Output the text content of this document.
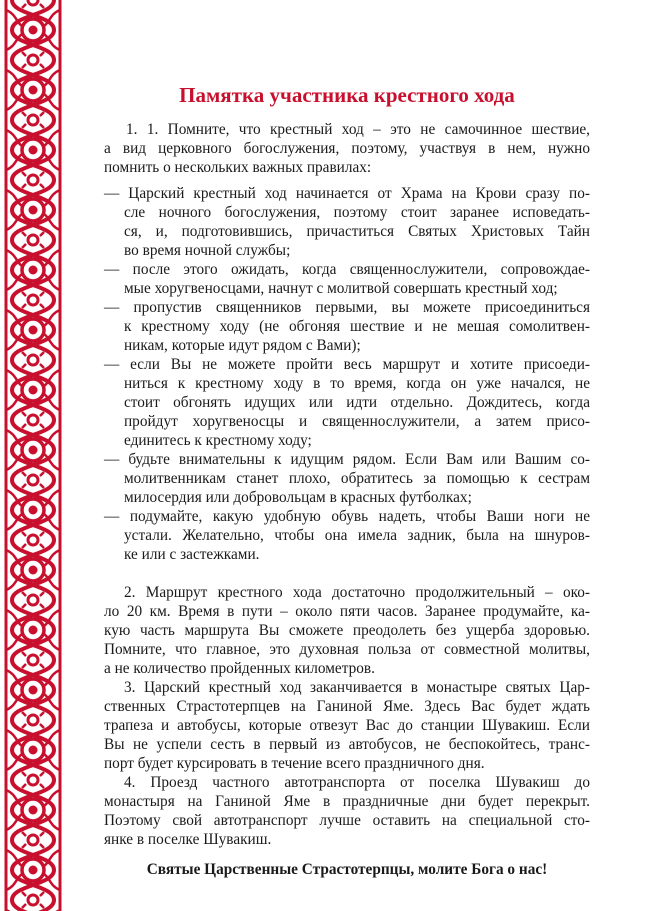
Памятка участника крестного хода
1. 1. Помните, что крестный ход – это не самочинное шествие,
а вид церковного богослужения, поэтому, участвуя в нем, нужно
помнить о нескольких важных правилах:
— Царский крестный ход начинается от Храма на Крови сразу по-
сле ночного богослужения, поэтому стоит заранее исповедать-
ся, и, подготовившись, причаститься Святых Христовых Тайн
во время ночной службы;
— после этого ожидать, когда священнослужители, сопровождае-
мые хоругвеносцами, начнут с молитвой совершать крестный ход;
— пропустив священников первыми, вы можете присоединиться
к крестному ходу (не обгоняя шествие и не мешая сомолитвен-
никам, которые идут рядом с Вами);
— если Вы не можете пройти весь маршрут и хотите присоеди-
ниться к крестному ходу в то время, когда он уже начался, не
стоит обгонять идущих или идти отдельно. Дождитесь, когда
пройдут хоругвеносцы и священнослужители, а затем присо-
единитесь к крестному ходу;
— будьте внимательны к идущим рядом. Если Вам или Вашим со-
молитвенникам станет плохо, обратитесь за помощью к сестрам
милосердия или добровольцам в красных футболках;
— подумайте, какую удобную обувь надеть, чтобы Ваши ноги не
устали. Желательно, чтобы она имела задник, была на шнуров-
ке или с застежками.
2. Маршрут крестного хода достаточно продолжительный – око-
ло 20 км. Время в пути – около пяти часов. Заранее продумайте, ка-
кую часть маршрута Вы сможете преодолеть без ущерба здоровью.
Помните, что главное, это духовная польза от совместной молитвы,
а не количество пройденных километров.
3. Царский крестный ход заканчивается в монастыре святых Цар-
ственных Страстотерпцев на Ганиной Яме. Здесь Вас будет ждать
трапеза и автобусы, которые отвезут Вас до станции Шувакиш. Если
Вы не успели сесть в первый из автобусов, не беспокойтесь, транс-
порт будет курсировать в течение всего праздничного дня.
4. Проезд частного автотранспорта от поселка Шувакиш до
монастыря на Ганиной Яме в праздничные дни будет перекрыт.
Поэтому свой автотранспорт лучше оставить на специальной сто-
янке в поселке Шувакиш.

Святые Царственные Страстотерпцы, молите Бога о нас!
